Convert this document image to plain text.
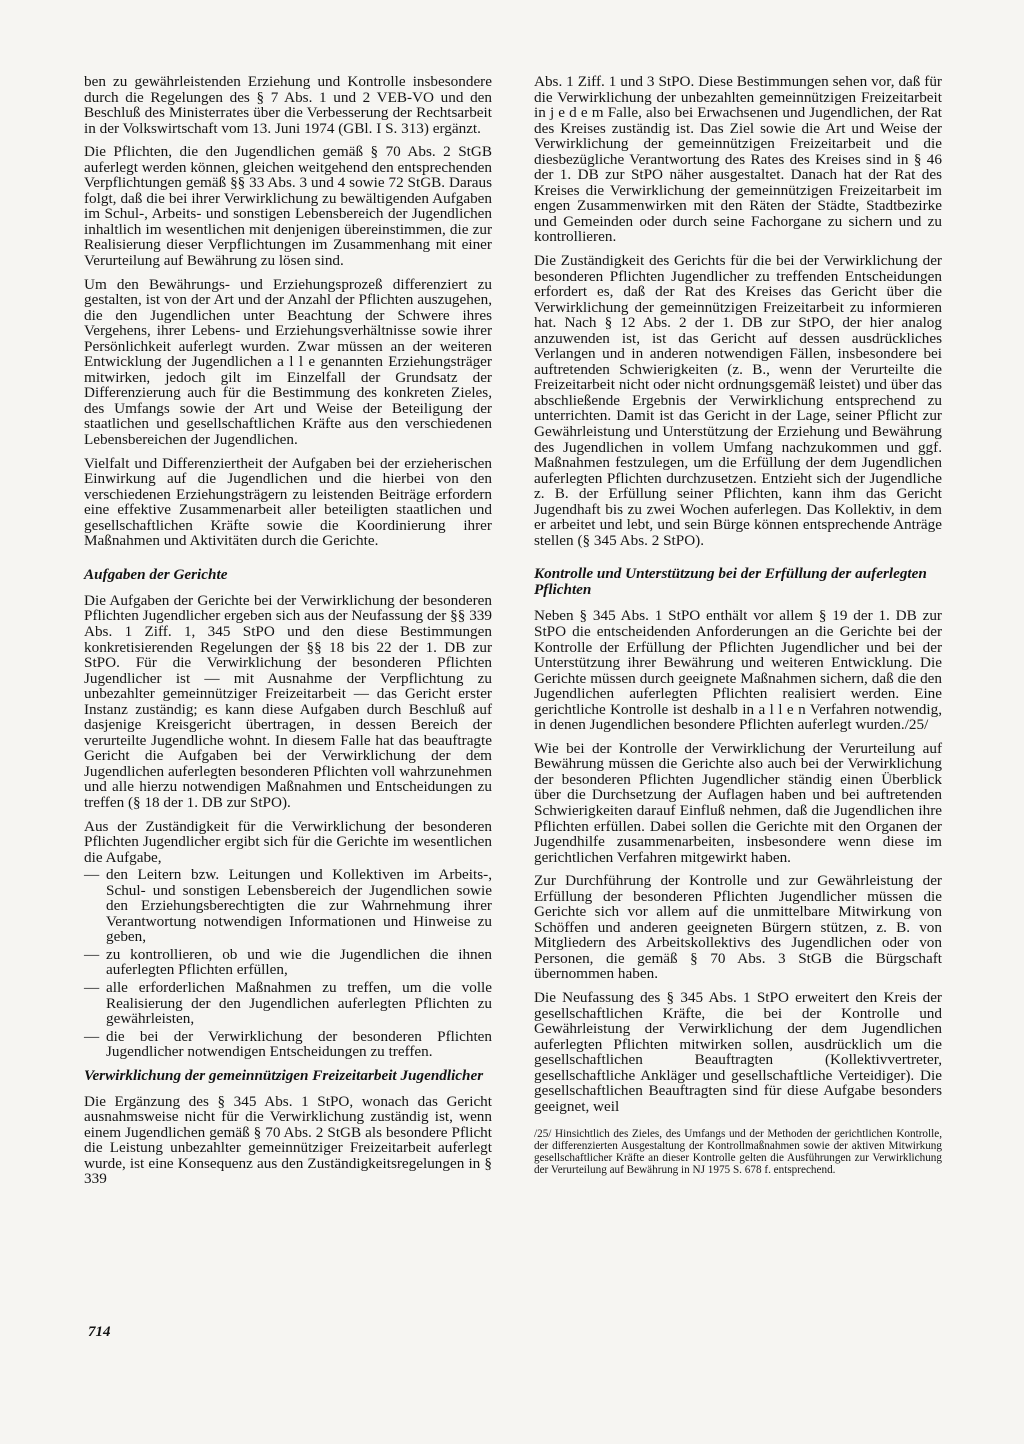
ben zu gewährleistenden Erziehung und Kontrolle insbesondere durch die Regelungen des § 7 Abs. 1 und 2 VEB-VO und den Beschluß des Ministerrates über die Verbesserung der Rechtsarbeit in der Volkswirtschaft vom 13. Juni 1974 (GBl. I S. 313) ergänzt.

Die Pflichten, die den Jugendlichen gemäß § 70 Abs. 2 StGB auferlegt werden können, gleichen weitgehend den entsprechenden Verpflichtungen gemäß §§ 33 Abs. 3 und 4 sowie 72 StGB. Daraus folgt, daß die bei ihrer Verwirklichung zu bewältigenden Aufgaben im Schul-, Arbeits- und sonstigen Lebensbereich der Jugendlichen inhaltlich im wesentlichen mit denjenigen übereinstimmen, die zur Realisierung dieser Verpflichtungen im Zusammenhang mit einer Verurteilung auf Bewährung zu lösen sind.

Um den Bewährungs- und Erziehungsprozeß differenziert zu gestalten, ist von der Art und der Anzahl der Pflichten auszugehen, die den Jugendlichen unter Beachtung der Schwere ihres Vergehens, ihrer Lebens- und Erziehungsverhältnisse sowie ihrer Persönlichkeit auferlegt wurden. Zwar müssen an der weiteren Entwicklung der Jugendlichen a l l e genannten Erziehungsträger mitwirken, jedoch gilt im Einzelfall der Grundsatz der Differenzierung auch für die Bestimmung des konkreten Zieles, des Umfangs sowie der Art und Weise der Beteiligung der staatlichen und gesellschaftlichen Kräfte aus den verschiedenen Lebensbereichen der Jugendlichen.

Vielfalt und Differenziertheit der Aufgaben bei der erzieherischen Einwirkung auf die Jugendlichen und die hierbei von den verschiedenen Erziehungsträgern zu leistenden Beiträge erfordern eine effektive Zusammenarbeit aller beteiligten staatlichen und gesellschaftlichen Kräfte sowie die Koordinierung ihrer Maßnahmen und Aktivitäten durch die Gerichte.

Aufgaben der Gerichte

Die Aufgaben der Gerichte bei der Verwirklichung der besonderen Pflichten Jugendlicher ergeben sich aus der Neufassung der §§ 339 Abs. 1 Ziff. 1, 345 StPO und den diese Bestimmungen konkretisierenden Regelungen der §§ 18 bis 22 der 1. DB zur StPO. Für die Verwirklichung der besonderen Pflichten Jugendlicher ist — mit Ausnahme der Verpflichtung zu unbezahlter gemeinnütziger Freizeitarbeit — das Gericht erster Instanz zuständig; es kann diese Aufgaben durch Beschluß auf dasjenige Kreisgericht übertragen, in dessen Bereich der verurteilte Jugendliche wohnt. In diesem Falle hat das beauftragte Gericht die Aufgaben bei der Verwirklichung der dem Jugendlichen auferlegten besonderen Pflichten voll wahrzunehmen und alle hierzu notwendigen Maßnahmen und Entscheidungen zu treffen (§ 18 der 1. DB zur StPO).

Aus der Zuständigkeit für die Verwirklichung der besonderen Pflichten Jugendlicher ergibt sich für die Gerichte im wesentlichen die Aufgabe,

— den Leitern bzw. Leitungen und Kollektiven im Arbeits-, Schul- und sonstigen Lebensbereich der Jugendlichen sowie den Erziehungsberechtigten die zur Wahrnehmung ihrer Verantwortung notwendigen Informationen und Hinweise zu geben,
— zu kontrollieren, ob und wie die Jugendlichen die ihnen auferlegten Pflichten erfüllen,
— alle erforderlichen Maßnahmen zu treffen, um die volle Realisierung der den Jugendlichen auferlegten Pflichten zu gewährleisten,
— die bei der Verwirklichung der besonderen Pflichten Jugendlicher notwendigen Entscheidungen zu treffen.
Verwirklichung der gemeinnützigen Freizeitarbeit Jugendlicher

Die Ergänzung des § 345 Abs. 1 StPO, wonach das Gericht ausnahmsweise nicht für die Verwirklichung zuständig ist, wenn einem Jugendlichen gemäß § 70 Abs. 2 StGB als besondere Pflicht die Leistung unbezahlter gemeinnütziger Freizeitarbeit auferlegt wurde, ist eine Konsequenz aus den Zuständigkeitsregelungen in § 339

Abs. 1 Ziff. 1 und 3 StPO. Diese Bestimmungen sehen vor, daß für die Verwirklichung der unbezahlten gemeinnützigen Freizeitarbeit in j e d e m Falle, also bei Erwachsenen und Jugendlichen, der Rat des Kreises zuständig ist. Das Ziel sowie die Art und Weise der Verwirklichung der gemeinnützigen Freizeitarbeit und die diesbezügliche Verantwortung des Rates des Kreises sind in § 46 der 1. DB zur StPO näher ausgestaltet. Danach hat der Rat des Kreises die Verwirklichung der gemeinnützigen Freizeitarbeit im engen Zusammenwirken mit den Räten der Städte, Stadtbezirke und Gemeinden oder durch seine Fachorgane zu sichern und zu kontrollieren.

Die Zuständigkeit des Gerichts für die bei der Verwirklichung der besonderen Pflichten Jugendlicher zu treffenden Entscheidungen erfordert es, daß der Rat des Kreises das Gericht über die Verwirklichung der gemeinnützigen Freizeitarbeit zu informieren hat. Nach § 12 Abs. 2 der 1. DB zur StPO, der hier analog anzuwenden ist, ist das Gericht auf dessen ausdrückliches Verlangen und in anderen notwendigen Fällen, insbesondere bei auftretenden Schwierigkeiten (z. B., wenn der Verurteilte die Freizeitarbeit nicht oder nicht ordnungsgemäß leistet) und über das abschließende Ergebnis der Verwirklichung entsprechend zu unterrichten. Damit ist das Gericht in der Lage, seiner Pflicht zur Gewährleistung und Unterstützung der Erziehung und Bewährung des Jugendlichen in vollem Umfang nachzukommen und ggf. Maßnahmen festzulegen, um die Erfüllung der dem Jugendlichen auferlegten Pflichten durchzusetzen. Entzieht sich der Jugendliche z. B. der Erfüllung seiner Pflichten, kann ihm das Gericht Jugendhaft bis zu zwei Wochen auferlegen. Das Kollektiv, in dem er arbeitet und lebt, und sein Bürge können entsprechende Anträge stellen (§ 345 Abs. 2 StPO).

Kontrolle und Unterstützung bei der Erfüllung der auferlegten Pflichten

Neben § 345 Abs. 1 StPO enthält vor allem § 19 der 1. DB zur StPO die entscheidenden Anforderungen an die Gerichte bei der Kontrolle der Erfüllung der Pflichten Jugendlicher und bei der Unterstützung ihrer Bewährung und weiteren Entwicklung. Die Gerichte müssen durch geeignete Maßnahmen sichern, daß die den Jugendlichen auferlegten Pflichten realisiert werden. Eine gerichtliche Kontrolle ist deshalb in a l l e n Verfahren notwendig, in denen Jugendlichen besondere Pflichten auferlegt wurden./25/

Wie bei der Kontrolle der Verwirklichung der Verurteilung auf Bewährung müssen die Gerichte also auch bei der Verwirklichung der besonderen Pflichten Jugendlicher ständig einen Überblick über die Durchsetzung der Auflagen haben und bei auftretenden Schwierigkeiten darauf Einfluß nehmen, daß die Jugendlichen ihre Pflichten erfüllen. Dabei sollen die Gerichte mit den Organen der Jugendhilfe zusammenarbeiten, insbesondere wenn diese im gerichtlichen Verfahren mitgewirkt haben.

Zur Durchführung der Kontrolle und zur Gewährleistung der Erfüllung der besonderen Pflichten Jugendlicher müssen die Gerichte sich vor allem auf die unmittelbare Mitwirkung von Schöffen und anderen geeigneten Bürgern stützen, z. B. von Mitgliedern des Arbeitskollektivs des Jugendlichen oder von Personen, die gemäß § 70 Abs. 3 StGB die Bürgschaft übernommen haben.

Die Neufassung des § 345 Abs. 1 StPO erweitert den Kreis der gesellschaftlichen Kräfte, die bei der Kontrolle und Gewährleistung der Verwirklichung der dem Jugendlichen auferlegten Pflichten mitwirken sollen, ausdrücklich um die gesellschaftlichen Beauftragten (Kollektivvertreter, gesellschaftliche Ankläger und gesellschaftliche Verteidiger). Die gesellschaftlichen Beauftragten sind für diese Aufgabe besonders geeignet, weil

/25/ Hinsichtlich des Zieles, des Umfangs und der Methoden der gerichtlichen Kontrolle, der differenzierten Ausgestaltung der Kontrollmaßnahmen sowie der aktiven Mitwirkung gesellschaftlicher Kräfte an dieser Kontrolle gelten die Ausführungen zur Verwirklichung der Verurteilung auf Bewährung in NJ 1975 S. 678 f. entsprechend.
714
